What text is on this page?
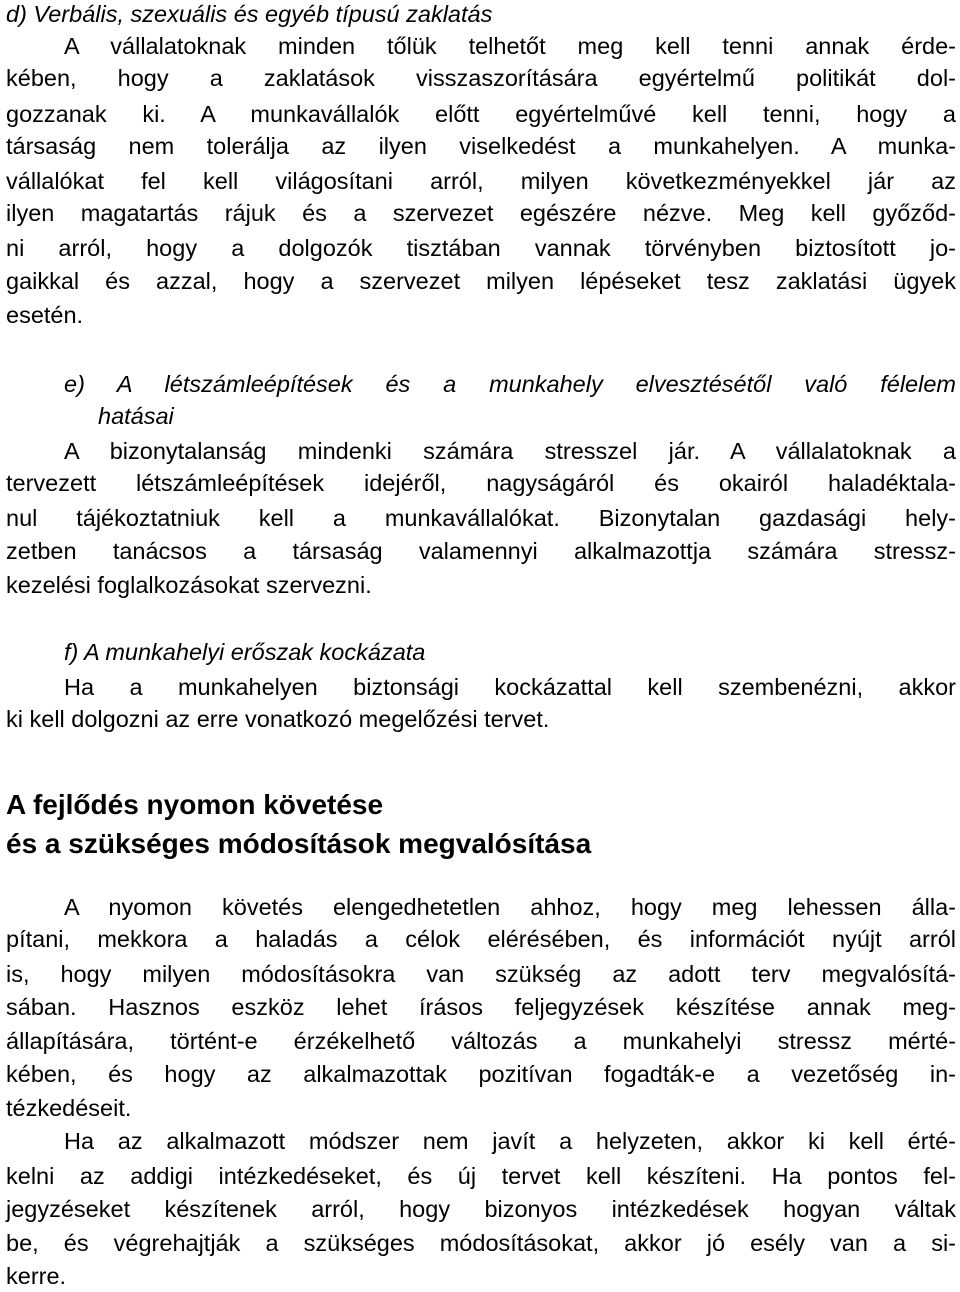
d) Verbális, szexuális és egyéb típusú zaklatás
A vállalatoknak minden tőlük telhetőt meg kell tenni annak érde-
kében, hogy a zaklatások visszaszorítására egyértelmű politikát dol-
gozzanak ki. A munkavállalók előtt egyértelművé kell tenni, hogy a
társaság nem tolerálja az ilyen viselkedést a munkahelyen. A munka-
vállalókat fel kell világosítani arról, milyen következményekkel jár az
ilyen magatartás rájuk és a szervezet egészére nézve. Meg kell győződ-
ni arról, hogy a dolgozók tisztában vannak törvényben biztosított jo-
gaikkal és azzal, hogy a szervezet milyen lépéseket tesz zaklatási ügyek
esetén.
e) A létszámleépítések és a munkahely elvesztésétől való félelem
hatásai
A bizonytalanság mindenki számára stresszel jár. A vállalatoknak a
tervezett létszámleépítések idejéről, nagyságáról és okairól haladéktala-
nul tájékoztatniuk kell a munkavállalókat. Bizonytalan gazdasági hely-
zetben tanácsos a társaság valamennyi alkalmazottja számára stressz-
kezelési foglalkozásokat szervezni.
f) A munkahelyi erőszak kockázata
Ha a munkahelyen biztonsági kockázattal kell szembenézni, akkor
ki kell dolgozni az erre vonatkozó megelőzési tervet.
A fejlődés nyomon követése
és a szükséges módosítások megvalósítása
A nyomon követés elengedhetetlen ahhoz, hogy meg lehessen álla-
pítani, mekkora a haladás a célok elérésében, és információt nyújt arról
is, hogy milyen módosításokra van szükség az adott terv megvalósítá-
sában. Hasznos eszköz lehet írásos feljegyzések készítése annak meg-
állapítására, történt-e érzékelhető változás a munkahelyi stressz mérté-
kében, és hogy az alkalmazottak pozitívan fogadták-e a vezetőség in-
tézkedéseit.
Ha az alkalmazott módszer nem javít a helyzeten, akkor ki kell érté-
kelni az addigi intézkedéseket, és új tervet kell készíteni. Ha pontos fel-
jegyzéseket készítenek arról, hogy bizonyos intézkedések hogyan váltak
be, és végrehajtják a szükséges módosításokat, akkor jó esély van a si-
kerre.
